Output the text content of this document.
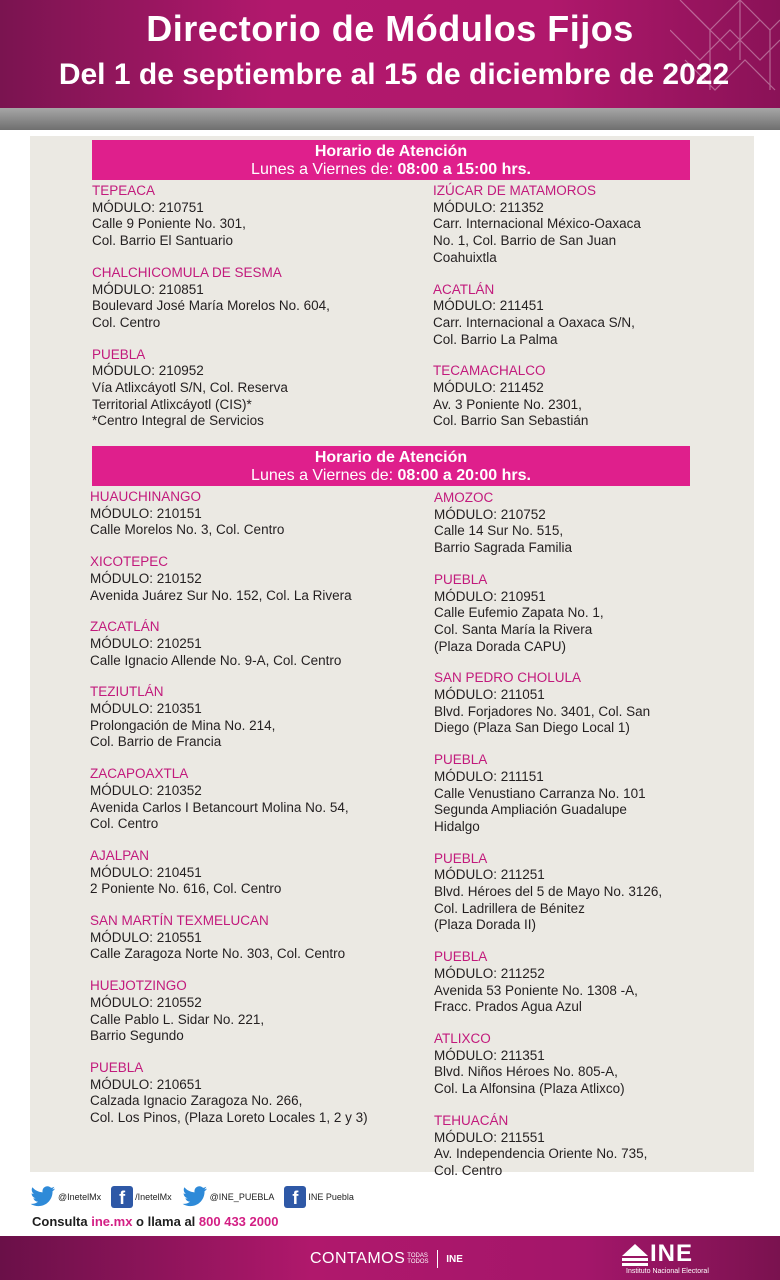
Directorio de Módulos Fijos
Del 1 de septiembre al 15 de diciembre de 2022
Horario de Atención
Lunes a Viernes de: 08:00 a 15:00 hrs.
TEPEACA
MÓDULO: 210751
Calle 9 Poniente No. 301,
Col. Barrio El Santuario
CHALCHICOMULA DE SESMA
MÓDULO: 210851
Boulevard José María Morelos No. 604,
Col. Centro
PUEBLA
MÓDULO: 210952
Vía Atlixcáyotl S/N, Col. Reserva
Territorial Atlixcáyotl (CIS)*
*Centro Integral de Servicios
IZÚCAR DE MATAMOROS
MÓDULO: 211352
Carr. Internacional México-Oaxaca
No. 1, Col. Barrio de San Juan
Coahuixtla
ACATLÁN
MÓDULO: 211451
Carr. Internacional a Oaxaca S/N,
Col. Barrio La Palma
TECAMACHALCO
MÓDULO: 211452
Av. 3 Poniente No. 2301,
Col. Barrio San Sebastián
Horario de Atención
Lunes a Viernes de: 08:00 a 20:00 hrs.
HUAUCHINANGO
MÓDULO: 210151
Calle Morelos No. 3, Col. Centro
XICOTEPEC
MÓDULO: 210152
Avenida Juárez Sur No. 152, Col. La Rivera
ZACATLÁN
MÓDULO: 210251
Calle Ignacio Allende No. 9-A, Col. Centro
TEZIUTLÁN
MÓDULO: 210351
Prolongación de Mina No. 214,
Col. Barrio de Francia
ZACAPOAXTLA
MÓDULO: 210352
Avenida Carlos I Betancourt Molina No. 54,
Col. Centro
AJALPAN
MÓDULO: 210451
2 Poniente No. 616, Col. Centro
SAN MARTÍN TEXMELUCAN
MÓDULO: 210551
Calle Zaragoza Norte No. 303, Col. Centro
HUEJOTZINGO
MÓDULO: 210552
Calle Pablo L. Sidar No. 221,
Barrio Segundo
PUEBLA
MÓDULO: 210651
Calzada Ignacio Zaragoza No. 266,
Col. Los Pinos, (Plaza Loreto Locales 1, 2 y 3)
AMOZOC
MÓDULO: 210752
Calle 14 Sur No. 515,
Barrio Sagrada Familia
PUEBLA
MÓDULO: 210951
Calle Eufemio Zapata No. 1,
Col. Santa María la Rivera
(Plaza Dorada CAPU)
SAN PEDRO CHOLULA
MÓDULO: 211051
Blvd. Forjadores No. 3401, Col. San
Diego (Plaza San Diego Local 1)
PUEBLA
MÓDULO: 211151
Calle Venustiano Carranza No. 101
Segunda Ampliación Guadalupe
Hidalgo
PUEBLA
MÓDULO: 211251
Blvd. Héroes del 5 de Mayo No. 3126,
Col. Ladrillera de Bénitez
(Plaza Dorada II)
PUEBLA
MÓDULO: 211252
Avenida 53 Poniente No. 1308 -A,
Fracc. Prados Agua Azul
ATLIXCO
MÓDULO: 211351
Blvd. Niños Héroes No. 805-A,
Col. La Alfonsina (Plaza Atlixco)
TEHUACÁN
MÓDULO: 211551
Av. Independencia Oriente No. 735,
Col. Centro
@InetelMx	f	/InetelMx	@INE_PUEBLA	f	INE Puebla
Consulta ine.mx o llama al 800 433 2000
CONTAMOS TODAS TODOS INE	INE
Instituto Nacional Electoral
